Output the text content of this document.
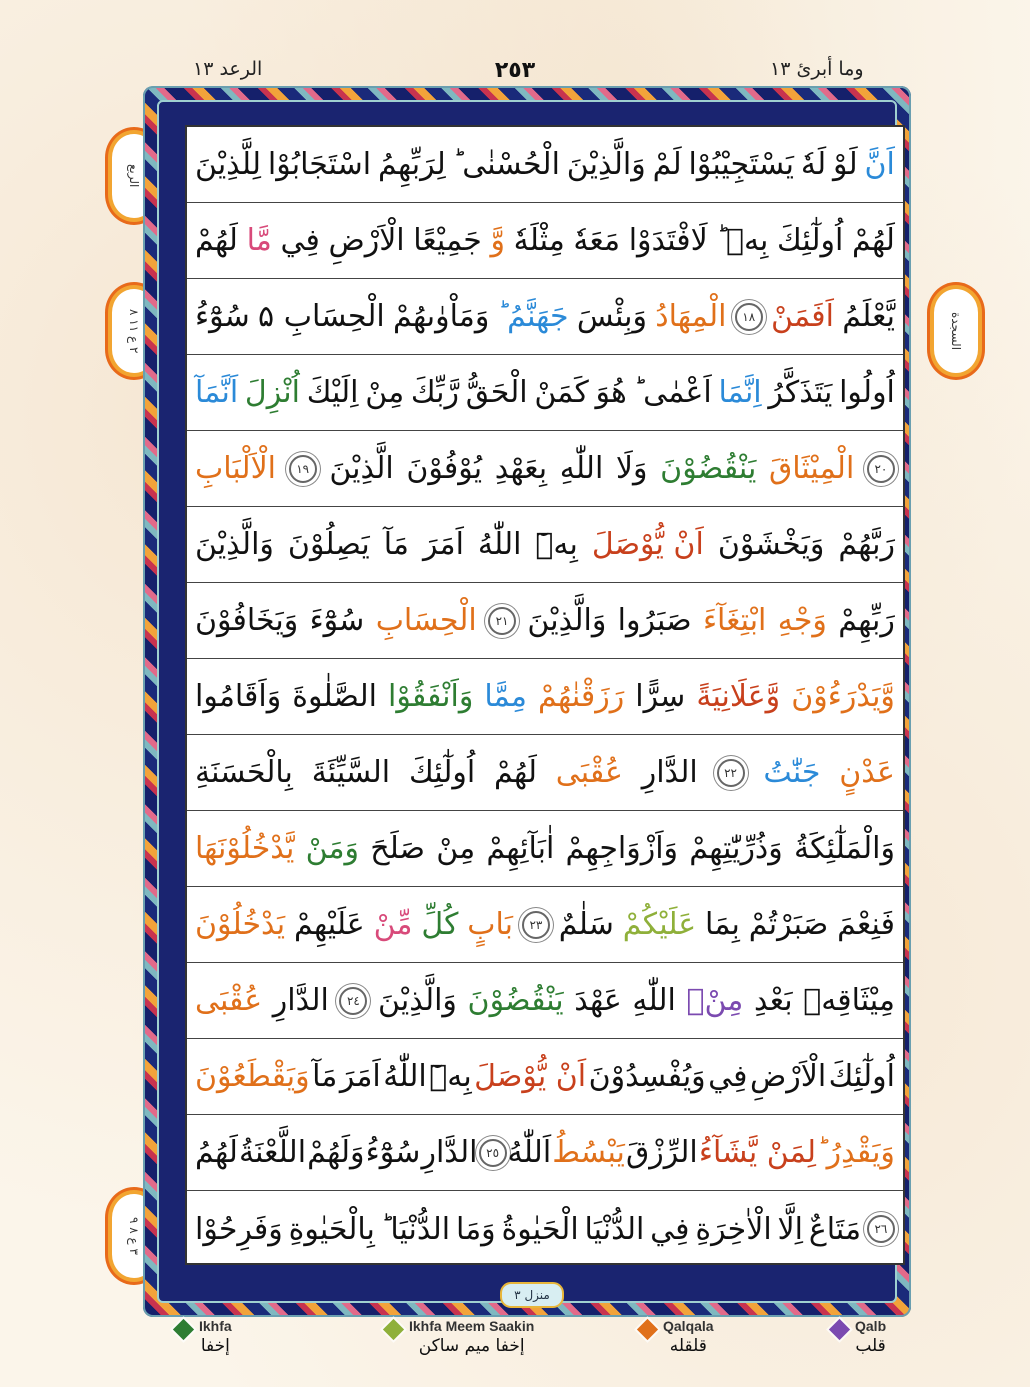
الرعد ١٣	٢٥٣	وما أبرئ ١٣
الربع
٢ ع ١١ ٨	السجدة
٣ ع ٨ ٩
لِلَّذِيْنَ اسْتَجَابُوْا لِرَبِّهِمُ الْحُسْنٰى ؕ وَالَّذِيْنَ لَمْ يَسْتَجِيْبُوْا لَهٗ لَوْ اَنَّ
لَهُمْ مَّا فِي الْاَرْضِ جَمِيْعًا وَّ مِثْلَهٗ مَعَهٗ لَافْتَدَوْا بِهٖ ؕ اُولٰٓئِكَ لَهُمْ
سُوْٓءُ الْحِسَابِ ۵ وَمَاْوٰىهُمْ جَهَنَّمُ ؕ وَبِئْسَ الْمِهَادُ	١٨ اَفَمَنْ يَّعْلَمُ
اَنَّمَآ اُنْزِلَ اِلَيْكَ مِنْ رَّبِّكَ الْحَقُّ كَمَنْ هُوَ اَعْمٰى ؕ اِنَّمَا يَتَذَكَّرُ اُولُوا
الْاَلْبَابِ	١٩ الَّذِيْنَ يُوْفُوْنَ بِعَهْدِ اللّٰهِ وَلَا يَنْقُضُوْنَ الْمِيْثَاقَ	٢٠
وَالَّذِيْنَ يَصِلُوْنَ مَآ اَمَرَ اللّٰهُ بِهٖٓ اَنْ يُّوْصَلَ وَيَخْشَوْنَ رَبَّهُمْ
وَيَخَافُوْنَ سُوْٓءَ الْحِسَابِ	٢١ وَالَّذِيْنَ صَبَرُوا ابْتِغَآءَ وَجْهِ رَبِّهِمْ
وَاَقَامُوا الصَّلٰوةَ وَاَنْفَقُوْا مِمَّا رَزَقْنٰهُمْ سِرًّا وَّعَلَانِيَةً وَّيَدْرَءُوْنَ
بِالْحَسَنَةِ السَّيِّئَةَ اُولٰٓئِكَ لَهُمْ عُقْبَى الدَّارِ	٢٢ جَنّٰتُ عَدْنٍ
يَّدْخُلُوْنَهَا وَمَنْ صَلَحَ مِنْ اٰبَآئِهِمْ وَاَزْوَاجِهِمْ وَذُرِّيّٰتِهِمْ وَالْمَلٰٓئِكَةُ
يَدْخُلُوْنَ عَلَيْهِمْ مِّنْ كُلِّ بَابٍ	٢٣ سَلٰمٌ عَلَيْكُمْ بِمَا صَبَرْتُمْ فَنِعْمَ
عُقْبَى الدَّارِ	٢٤ وَالَّذِيْنَ يَنْقُضُوْنَ عَهْدَ اللّٰهِ مِنْۢ بَعْدِ مِيْثَاقِهٖ
وَيَقْطَعُوْنَ مَآ اَمَرَ اللّٰهُ بِهٖٓ اَنْ يُّوْصَلَ وَيُفْسِدُوْنَ فِي الْاَرْضِ اُولٰٓئِكَ
لَهُمُ اللَّعْنَةُ وَلَهُمْ سُوْٓءُ الدَّارِ ٢٥ اَللّٰهُ يَبْسُطُ الرِّزْقَ لِمَنْ يَّشَآءُ وَيَقْدِرُ ؕ
وَفَرِحُوْا بِالْحَيٰوةِ الدُّنْيَا ؕ وَمَا الْحَيٰوةُ الدُّنْيَا فِي الْاٰخِرَةِ اِلَّا مَتَاعٌ	٢٦
منزل ٣
Ikhfa
إخفا
Ikhfa Meem Saakin
إخفا ميم ساكن
Qalqala
قلقله
Qalb
قلب
